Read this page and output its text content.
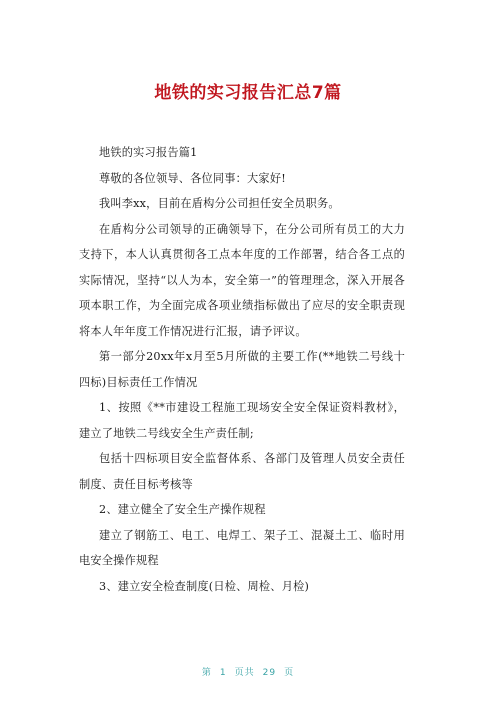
地铁的实习报告汇总7篇

地铁的实习报告篇1

尊敬的各位领导、各位同事：大家好!

我叫李xx，目前在盾构分公司担任安全员职务。

在盾构分公司领导的正确领导下，在分公司所有员工的大力支持下，本人认真贯彻各工点本年度的工作部署，结合各工点的实际情况，坚持“以人为本，安全第一”的管理理念，深入开展各项本职工作，为全面完成各项业绩指标做出了应尽的安全职责现将本人年年度工作情况进行汇报，请予评议。

第一部分20xx年x月至5月所做的主要工作(**地铁二号线十四标)目标责任工作情况

1、按照《**市建设工程施工现场安全安全保证资料教材》，建立了地铁二号线安全生产责任制;

包括十四标项目安全监督体系、各部门及管理人员安全责任制度、责任目标考核等

2、建立健全了安全生产操作规程

建立了钢筋工、电工、电焊工、架子工、混凝土工、临时用电安全操作规程

3、建立安全检查制度(日检、周检、月检)

第 1 页共 29 页
